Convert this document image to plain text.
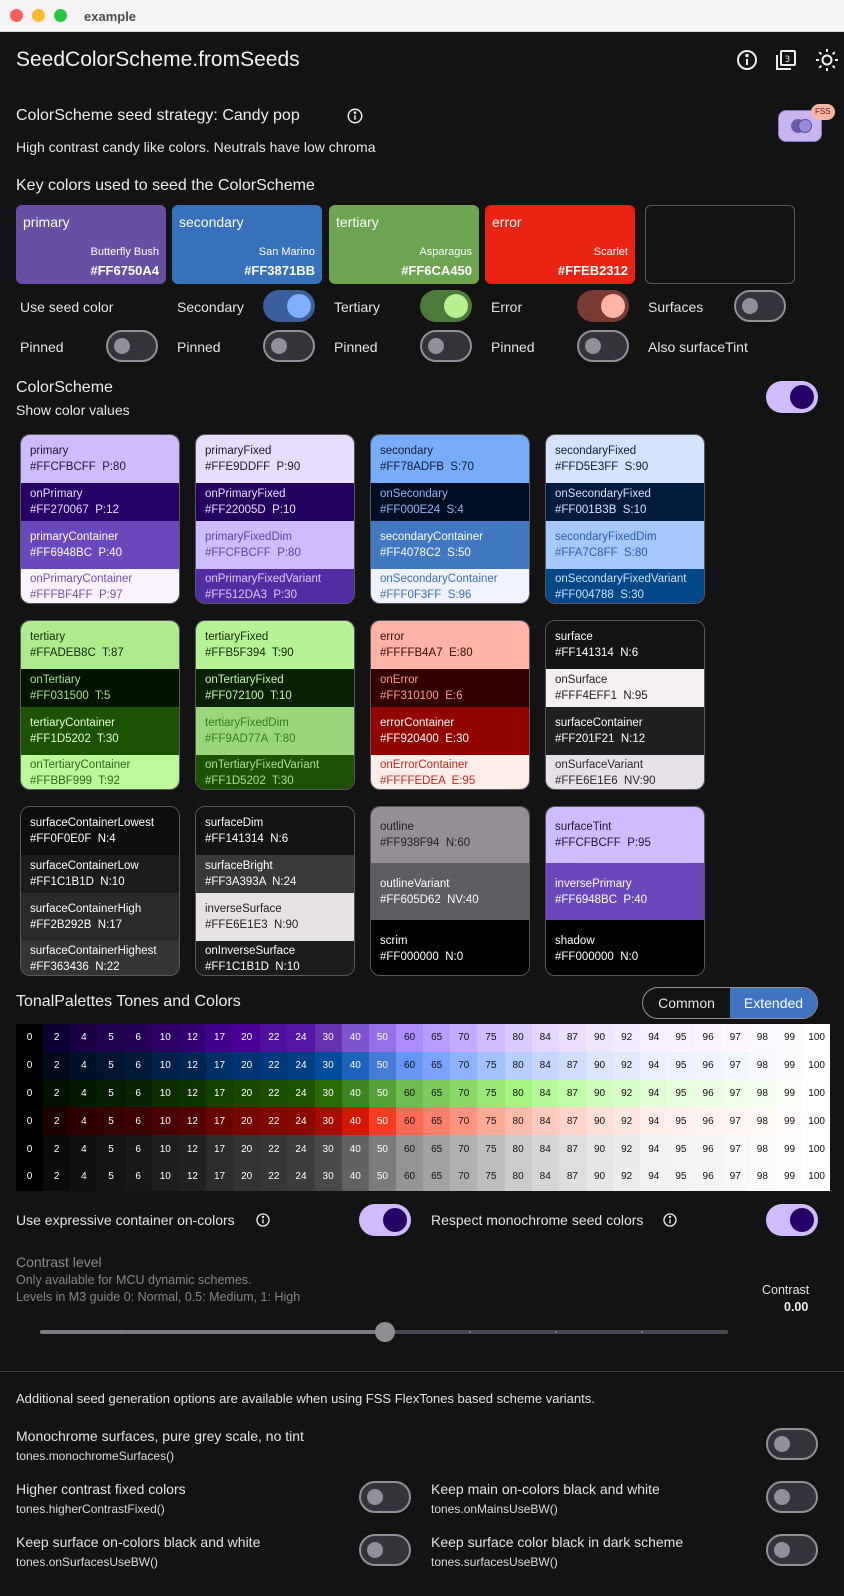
example
SeedColorScheme.fromSeeds	3
ColorScheme seed strategy: Candy pop
High contrast candy like colors. Neutrals have low chroma
FSS
Key colors used to seed the ColorScheme
primary
Butterfly Bush
#FF6750A4
secondary
San Marino
#FF3871BB
tertiary
Asparagus
#FF6CA450
error
Scarlet
#FFEB2312
Use seed color	Secondary	Tertiary	Error	Surfaces
Pinned	Pinned	Pinned	Pinned	Also surfaceTint
ColorScheme
Show color values
primary
#FFCFBCFF  P:80
onPrimary
#FF270067  P:12
primaryContainer
#FF6948BC  P:40
onPrimaryContainer
#FFFBF4FF  P:97
primaryFixed
#FFE9DDFF  P:90
onPrimaryFixed
#FF22005D  P:10
primaryFixedDim
#FFCFBCFF  P:80
onPrimaryFixedVariant
#FF512DA3  P:30
secondary
#FF78ADFB  S:70
onSecondary
#FF000E24  S:4
secondaryContainer
#FF4078C2  S:50
onSecondaryContainer
#FFF0F3FF  S:96
secondaryFixed
#FFD5E3FF  S:90
onSecondaryFixed
#FF001B3B  S:10
secondaryFixedDim
#FFA7C8FF  S:80
onSecondaryFixedVariant
#FF004788  S:30
tertiary
#FFADEB8C  T:87
onTertiary
#FF031500  T:5
tertiaryContainer
#FF1D5202  T:30
onTertiaryContainer
#FFBBF999  T:92
tertiaryFixed
#FFB5F394  T:90
onTertiaryFixed
#FF072100  T:10
tertiaryFixedDim
#FF9AD77A  T:80
onTertiaryFixedVariant
#FF1D5202  T:30
error
#FFFFB4A7  E:80
onError
#FF310100  E:6
errorContainer
#FF920400  E:30
onErrorContainer
#FFFFEDEA  E:95
surface
#FF141314  N:6
onSurface
#FFF4EFF1  N:95
surfaceContainer
#FF201F21  N:12
onSurfaceVariant
#FFE6E1E6  NV:90
surfaceContainerLowest
#FF0F0E0F  N:4
surfaceContainerLow
#FF1C1B1D  N:10
surfaceContainerHigh
#FF2B292B  N:17
surfaceContainerHighest
#FF363436  N:22
surfaceDim
#FF141314  N:6
surfaceBright
#FF3A393A  N:24
inverseSurface
#FFE6E1E3  N:90
onInverseSurface
#FF1C1B1D  N:10
outline
#FF938F94  N:60
outlineVariant
#FF605D62  NV:40
scrim
#FF000000  N:0
surfaceTint
#FFCFBCFF  P:95
inversePrimary
#FF6948BC  P:40
shadow
#FF000000  N:0
TonalPalettes Tones and Colors	Common	Extended
0	2	4	5	6	10	12	17	20	22	24	30	40	50	60	65	70	75	80	84	87	90	92	94	95	96	97	98	99	100
0	2	4	5	6	10	12	17	20	22	24	30	40	50	60	65	70	75	80	84	87	90	92	94	95	96	97	98	99	100
0	2	4	5	6	10	12	17	20	22	24	30	40	50	60	65	70	75	80	84	87	90	92	94	95	96	97	98	99	100
0	2	4	5	6	10	12	17	20	22	24	30	40	50	60	65	70	75	80	84	87	90	92	94	95	96	97	98	99	100
0	2	4	5	6	10	12	17	20	22	24	30	40	50	60	65	70	75	80	84	87	90	92	94	95	96	97	98	99	100
0	2	4	5	6	10	12	17	20	22	24	30	40	50	60	65	70	75	80	84	87	90	92	94	95	96	97	98	99	100
Use expressive container on-colors	Respect monochrome seed colors
Contrast level
Only available for MCU dynamic schemes.
Levels in M3 guide 0: Normal, 0.5: Medium, 1: High	Contrast
0.00
Additional seed generation options are available when using FSS FlexTones based scheme variants.
Monochrome surfaces, pure grey scale, no tint
tones.monochromeSurfaces()
Higher contrast fixed colors
tones.higherContrastFixed()
Keep main on-colors black and white
tones.onMainsUseBW()
Keep surface on-colors black and white
tones.onSurfacesUseBW()
Keep surface color black in dark scheme
tones.surfacesUseBW()
